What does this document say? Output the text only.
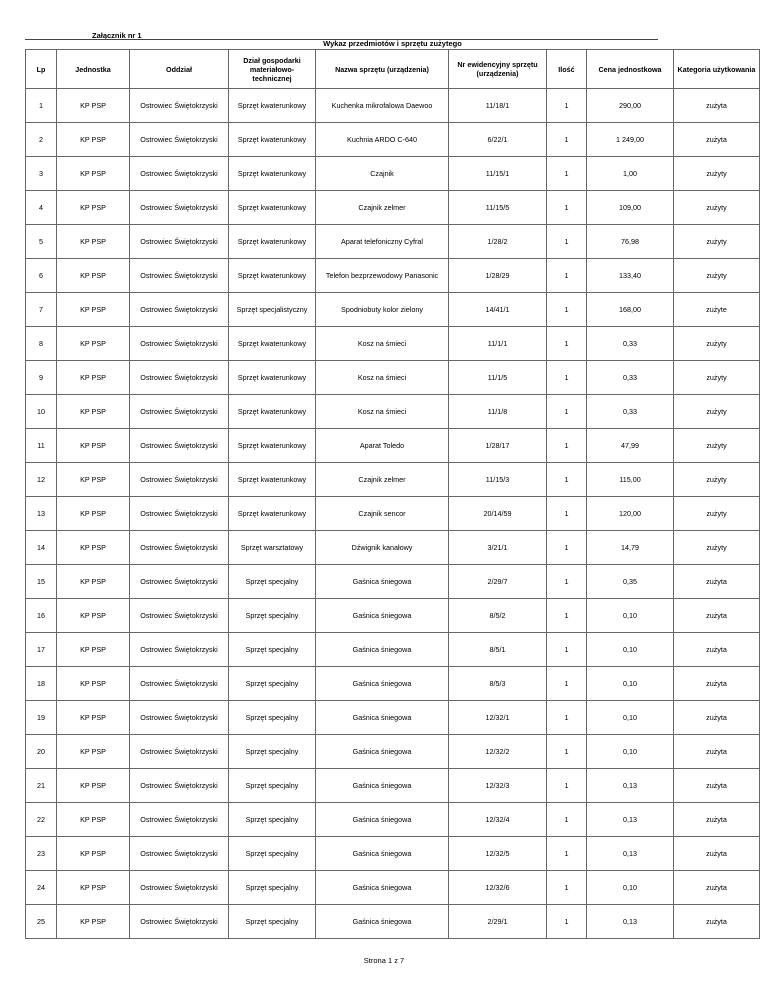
Załącznik nr 1
Wykaz przedmiotów i sprzętu zużytego
Lp	Jednostka	Oddział	Dział gospodarki materiałowo-technicznej	Nazwa sprzętu (urządzenia)	Nr ewidencyjny sprzętu (urządzenia)	Ilość	Cena jednostkowa	Kategoria użytkowania
1	KP PSP	Ostrowiec Świętokrzyski	Sprzęt kwaterunkowy	Kuchenka mikrofalowa Daewoo	11/18/1	1	290,00	zużyta
2	KP PSP	Ostrowiec Świętokrzyski	Sprzęt kwaterunkowy	Kuchnia ARDO C-640	6/22/1	1	1 249,00	zużyta
3	KP PSP	Ostrowiec Świętokrzyski	Sprzęt kwaterunkowy	Czajnik	11/15/1	1	1,00	zużyty
4	KP PSP	Ostrowiec Świętokrzyski	Sprzęt kwaterunkowy	Czajnik zelmer	11/15/5	1	109,00	zużyty
5	KP PSP	Ostrowiec Świętokrzyski	Sprzęt kwaterunkowy	Aparat telefoniczny Cyfral	1/28/2	1	76,98	zużyty
6	KP PSP	Ostrowiec Świętokrzyski	Sprzęt kwaterunkowy	Telefon bezprzewodowy Panasonic	1/28/29	1	133,40	zużyty
7	KP PSP	Ostrowiec Świętokrzyski	Sprzęt specjalistyczny	Spodniobuty kolor zielony	14/41/1	1	168,00	zużyte
8	KP PSP	Ostrowiec Świętokrzyski	Sprzęt kwaterunkowy	Kosz na śmieci	11/1/1	1	0,33	zużyty
9	KP PSP	Ostrowiec Świętokrzyski	Sprzęt kwaterunkowy	Kosz na śmieci	11/1/5	1	0,33	zużyty
10	KP PSP	Ostrowiec Świętokrzyski	Sprzęt kwaterunkowy	Kosz na śmieci	11/1/8	1	0,33	zużyty
11	KP PSP	Ostrowiec Świętokrzyski	Sprzęt kwaterunkowy	Aparat Toledo	1/28/17	1	47,99	zużyty
12	KP PSP	Ostrowiec Świętokrzyski	Sprzęt kwaterunkowy	Czajnik zelmer	11/15/3	1	115,00	zużyty
13	KP PSP	Ostrowiec Świętokrzyski	Sprzęt kwaterunkowy	Czajnik sencor	20/14/59	1	120,00	zużyty
14	KP PSP	Ostrowiec Świętokrzyski	Sprzęt warsztatowy	Dźwignik kanałowy	3/21/1	1	14,79	zużyty
15	KP PSP	Ostrowiec Świętokrzyski	Sprzęt specjalny	Gaśnica śniegowa	2/29/7	1	0,35	zużyta
16	KP PSP	Ostrowiec Świętokrzyski	Sprzęt specjalny	Gaśnica śniegowa	8/5/2	1	0,10	zużyta
17	KP PSP	Ostrowiec Świętokrzyski	Sprzęt specjalny	Gaśnica śniegowa	8/5/1	1	0,10	zużyta
18	KP PSP	Ostrowiec Świętokrzyski	Sprzęt specjalny	Gaśnica śniegowa	8/5/3	1	0,10	zużyta
19	KP PSP	Ostrowiec Świętokrzyski	Sprzęt specjalny	Gaśnica śniegowa	12/32/1	1	0,10	zużyta
20	KP PSP	Ostrowiec Świętokrzyski	Sprzęt specjalny	Gaśnica śniegowa	12/32/2	1	0,10	zużyta
21	KP PSP	Ostrowiec Świętokrzyski	Sprzęt specjalny	Gaśnica śniegowa	12/32/3	1	0,13	zużyta
22	KP PSP	Ostrowiec Świętokrzyski	Sprzęt specjalny	Gaśnica śniegowa	12/32/4	1	0,13	zużyta
23	KP PSP	Ostrowiec Świętokrzyski	Sprzęt specjalny	Gaśnica śniegowa	12/32/5	1	0,13	zużyta
24	KP PSP	Ostrowiec Świętokrzyski	Sprzęt specjalny	Gaśnica śniegowa	12/32/6	1	0,10	zużyta
25	KP PSP	Ostrowiec Świętokrzyski	Sprzęt specjalny	Gaśnica śniegowa	2/29/1	1	0,13	zużyta
Strona 1 z 7
